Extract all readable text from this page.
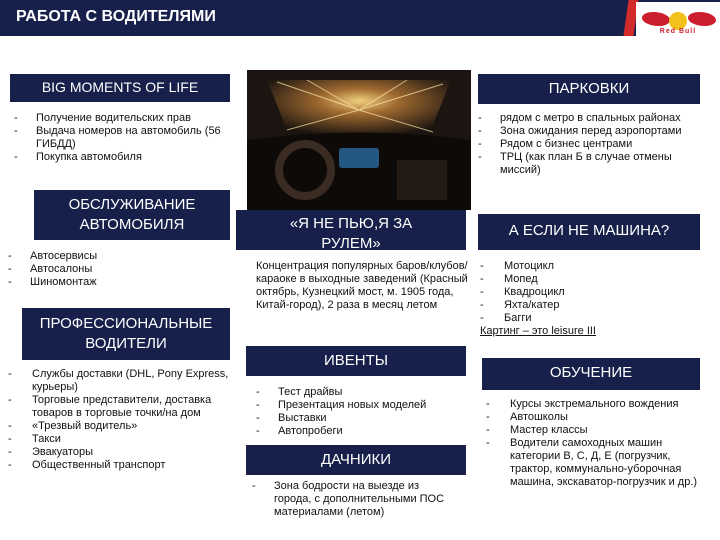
РАБОТА С ВОДИТЕЛЯМИ
Red Bull
BIG MOMENTS OF LIFE
- Получение водительских прав
- Выдача номеров на автомобиль (56 ГИБДД)
- Покупка автомобиля
ОБСЛУЖИВАНИЕ
АВТОМОБИЛЯ
- Автосервисы
- Автосалоны
- Шиномонтаж
ПРОФЕССИОНАЛЬНЫЕ
ВОДИТЕЛИ
- Службы доставки (DHL, Pony Express, курьеры)
- Торговые представители, доставка товаров в торговые точки/на дом
- «Трезвый водитель»
- Такси
- Эвакуаторы
- Общественный транспорт
«Я НЕ ПЬЮ,Я ЗА
РУЛЕМ»
Концентрация популярных баров/клубов/караоке в выходные заведений (Красный октябрь, Кузнецкий мост, м. 1905 года, Китай-город), 2 раза в месяц летом
ИВЕНТЫ
- Тест драйвы
- Презентация новых моделей
- Выставки
- Автопробеги
ДАЧНИКИ
- Зона бодрости на выезде из города, с дополнительными ПОС материалами (летом)
ПАРКОВКИ
- рядом с метро в спальных районах
- Зона ожидания перед аэропортами
- Рядом с бизнес центрами
- ТРЦ (как план Б в случае отмены миссий)
А ЕСЛИ НЕ МАШИНА?
- Мотоцикл
- Мопед
- Квадроцикл
- Яхта/катер
- Багги
Картинг – это leisure III
ОБУЧЕНИЕ
- Курсы экстремального вождения
- Автошколы
- Мастер классы
- Водители самоходных машин категории B, C, Д, E (погрузчик, трактор, коммунально-уборочная машина, экскаватор-погрузчик и др.)
